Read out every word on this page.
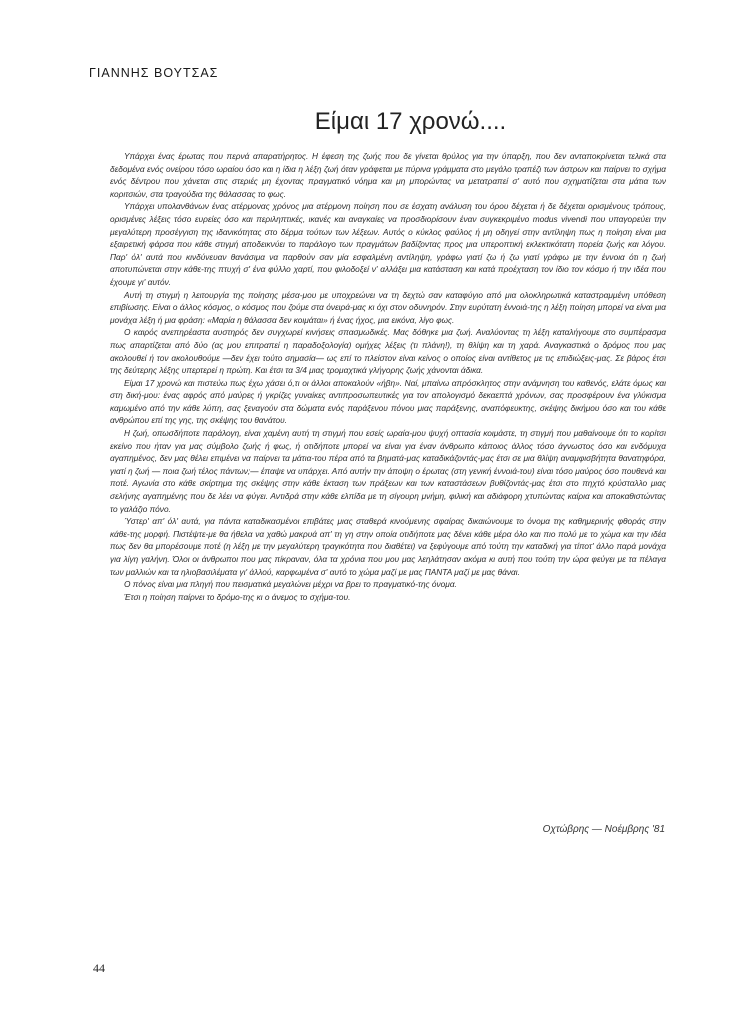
ΓΙΑΝΝΗΣ ΒΟΥΤΣΑΣ
Είμαι 17 χρονώ....

Υπάρχει ένας έρωτας που περνά απαρατήρητος. Η έφεση της ζωής που δε γίνεται θρύλος για την ύπαρξη, που δεν ανταποκρίνεται τελικά στα δεδομένα ενός ονείρου τόσο ωραίου όσο και η ίδια η λέξη ζωή όταν γράφεται με πύρινα γράμματα στο μεγάλο τραπέζι των άστρων και παίρνει το σχήμα ενός δέντρου που χάνεται στις στεριές μη έχοντας πραγματικό νόημα και μη μπορώντας να μετατραπεί σ' αυτό που σχηματίζεται στα μάτια των κοριτσιών, στα τραγούδια της θάλασσας το φως.

Υπάρχει υπολανθάνων ένας ατέρμονας χρόνος μια ατέρμονη ποίηση που σε έσχατη ανάλυση του όρου δέχεται ή δε δέχεται ορισμένους τρόπους, ορισμένες λέξεις τόσο ευρείες όσο και περιληπτικές, ικανές και αναγκαίες να προσδιορίσουν έναν συγκεκριμένο modus vivendi που υπαγορεύει την μεγαλύτερη προσέγγιση της ιδανικότητας στο δέρμα τούτων των λέξεων. Αυτός ο κύκλος φαύλος ή μη οδηγεί στην αντίληψη πως η ποίηση είναι μια εξαιρετική φάρσα που κάθε στιγμή αποδεικνύει το παράλογο των πραγμάτων βαδίζοντας προς μια υπεροπτική εκλεκτικότατη πορεία ζωής και λόγου. Παρ' όλ' αυτά που κινδύνευαν θανάσιμα να παρθούν σαν μία εσφαλμένη αντίληψη, γράφω γιατί ζω ή ζω γιατί γράφω με την έννοια ότι η ζωή αποτυπώνεται στην κάθε-της πτυχή σ' ένα φύλλο χαρτί, που φιλοδοξεί ν' αλλάξει μια κατάσταση και κατά προέχταση τον ίδιο τον κόσμο ή την ιδέα που έχουμε γι' αυτόν.

Αυτή τη στιγμή η λειτουργία της ποίησης μέσα-μου με υποχρεώνει να τη δεχτώ σαν καταφύγιο από μια ολοκληρωτικά καταστραμμένη υπόθεση επιβίωσης. Είναι ο άλλος κόσμος, ο κόσμος που ζούμε στα όνειρά-μας κι όχι στον οδυνηρόν. Στην ευρύτατη έννοιά-της η λέξη ποίηση μπορεί να είναι μια μονάχα λέξη ή μια φράση: «Μαρία η θάλασσα δεν κοιμάται» ή ένας ήχος, μια εικόνα, λίγο φως.

Ο καιρός ανεπηρέαστα αυστηρός δεν συγχωρεί κινήσεις σπασμωδικές. Μας δόθηκε μια ζωή. Αναλύοντας τη λέξη καταλήγουμε στο συμπέρασμα πως απαρτίζεται από δύο (ας μου επιτραπεί η παραδοξολογία) ομήχες λέξεις (τι πλάνη!), τη θλίψη και τη χαρά. Αναγκαστικά ο δρόμος που μας ακολουθεί ή τον ακολουθούμε —δεν έχει τούτο σημασία— ως επί το πλείστον είναι κείνος ο οποίος είναι αντίθετος με τις επιδιώξεις-μας. Σε βάρος έτσι της δεύτερης λέξης υπερτερεί η πρώτη. Και έτσι τα 3/4 μιας τρομαχτικά γλήγορης ζωής χάνονται άδικα.

Είμαι 17 χρονώ και πιστεύω πως έχω χάσει ό,τι οι άλλοι αποκαλούν «ήβη». Ναί, μπαίνω απρόσκλητος στην ανάμνηση του καθενός, ελάτε όμως και στη δική-μου: ένας αφρός από μαύρες ή γκρίζες γυναίκες αντιπροσωπευτικές για τον απολογισμό δεκαεπτά χρόνων, σας προσφέρουν ένα γλύκισμα καμωμένο από την κάθε λύπη, σας ξεναγούν στα δώματα ενός παράξενου πόνου μιας παράξενης, αναπόφευκτης, σκέψης δικήμου όσο και του κάθε ανθρώπου επί της γης, της σκέψης του θανάτου.

Η ζωή, οπωσδήποτε παράλογη, είναι χαμένη αυτή τη στιγμή που εσείς ωραία-μου ψυχή οπτασία κοιμάστε, τη στιγμή που μαθαίνουμε ότι το κορίτσι εκείνο που ήταν για μας σύμβολο ζωής ή φως, ή οτιδήποτε μπορεί να είναι για έναν άνθρωπο κάποιος άλλος τόσο άγνωστος όσο και ενδόμυχα αγαπημένος, δεν μας θέλει επιμένει να παίρνει τα μάτια-του πέρα από τα βηματά-μας καταδικάζοντάς-μας έτσι σε μια θλίψη αναμφισβήτητα θανατηφόρα, γιατί η ζωή — ποια ζωή τέλος πάντων;— έπαψε να υπάρχει. Από αυτήν την άποψη ο έρωτας (στη γενική έννοιά-του) είναι τόσο μαύρος όσο πουθενά και ποτέ. Αγωνία στο κάθε σκίρτημα της σκέψης στην κάθε έκταση των πράξεων και των καταστάσεων βυθίζοντάς-μας έτσι στο πηχτό κρύσταλλο μιας σελήνης αγαπημένης που δε λέει να φύγει. Αντιδρά στην κάθε ελπίδα με τη σίγουρη μνήμη, φιλική και αδιάφορη χτυπώντας καίρια και αποκαθιστώντας το γαλάζιο πόνο.

Ύστερ' απ' όλ' αυτά, για πάντα καταδικασμένοι επιβάτες μιας σταθερά κινούμενης σφαίρας δικαιώνουμε το όνομα της καθημερινής φθοράς στην κάθε-της μορφή. Πιστέψτε-με θα ήθελα να χαθώ μακρυά απ' τη γη στην οποία οτιδήποτε μας δένει κάθε μέρα όλο και πιο πολύ με το χώμα και την ιδέα πως δεν θα μπορέσουμε ποτέ (η λέξη με την μεγαλύτερη τραγικότητα που διαθέτει) να ξεφύγουμε από τούτη την καταδική για τίποτ' άλλο παρά μονάχα για λίγη γαλήνη. Όλοι οι άνθρωποι που μας πίκραναν, όλα τα χρόνια που μου μας λεηλάτησαν ακόμα κι αυτή που τούτη την ώρα φεύγει με τα πέλαγα των μαλλιών και τα ηλιοβασιλέματα γι' άλλού, καρφωμένα σ' αυτό το χώμα μαζί με μας ΠΑΝΤΑ μαζί με μας θάναι.

Ο πόνος είναι μια πληγή που πεισματικά μεγαλώνει μέχρι να βρει το πραγματικό-της όνομα.

Έτσι η ποίηση παίρνει το δρόμο-της κι ο άνεμος το σχήμα-του.

Οχτώβρης — Νοέμβρης '81
44
